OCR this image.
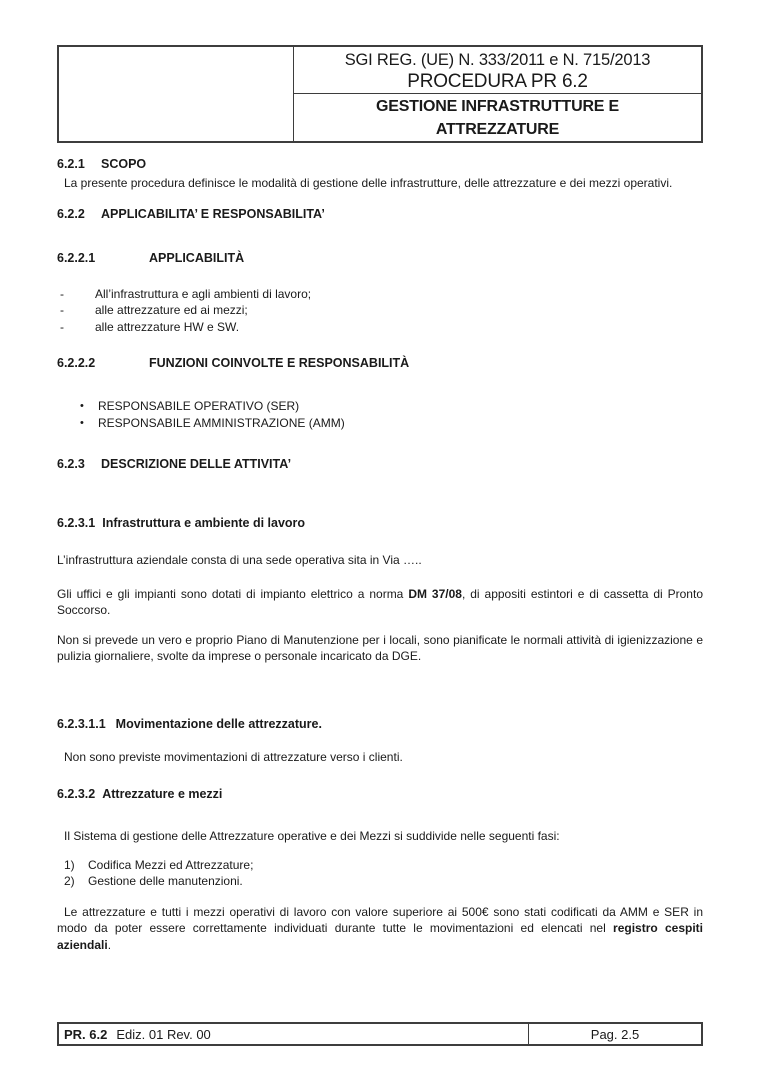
SGI REG. (UE) N. 333/2011 e N. 715/2013
PROCEDURA PR 6.2
GESTIONE INFRASTRUTTURE E ATTREZZATURE
6.2.1	SCOPO

La presente procedura definisce le modalità di gestione delle infrastrutture, delle attrezzature e dei mezzi operativi.

6.2.2	APPLICABILITA’ E RESPONSABILITA’
6.2.2.1	APPLICABILITÀ
-	All’infrastruttura e agli ambienti di lavoro;
-	alle attrezzature ed ai mezzi;
-	alle attrezzature HW e SW.
6.2.2.2	FUNZIONI COINVOLTE E RESPONSABILITÀ
•	RESPONSABILE OPERATIVO (SER)
•	RESPONSABILE AMMINISTRAZIONE (AMM)
6.2.3	DESCRIZIONE DELLE ATTIVITA’
6.2.3.1 Infrastruttura e ambiente di lavoro

L’infrastruttura aziendale consta di una sede operativa sita in Via …..

Gli uffici e gli impianti sono dotati di impianto elettrico a norma DM 37/08, di appositi estintori e di cassetta di Pronto Soccorso.

Non si prevede un vero e proprio Piano di Manutenzione per i locali, sono pianificate le normali attività di igienizzazione e pulizia giornaliere, svolte da imprese o personale incaricato da DGE.

6.2.3.1.1 Movimentazione delle attrezzature.

Non sono previste movimentazioni di attrezzature verso i clienti.

6.2.3.2 Attrezzature e mezzi

Il Sistema di gestione delle Attrezzature operative e dei Mezzi si suddivide nelle seguenti fasi:

1)	Codifica Mezzi ed Attrezzature;
2)	Gestione delle manutenzioni.

Le attrezzature e tutti i mezzi operativi di lavoro con valore superiore ai 500€ sono stati codificati da AMM e SER in modo da poter essere correttamente individuati durante tutte le movimentazioni ed elencati nel registro cespiti aziendali.

PR. 6.2 Ediz. 01 Rev. 00	Pag. 2.5
